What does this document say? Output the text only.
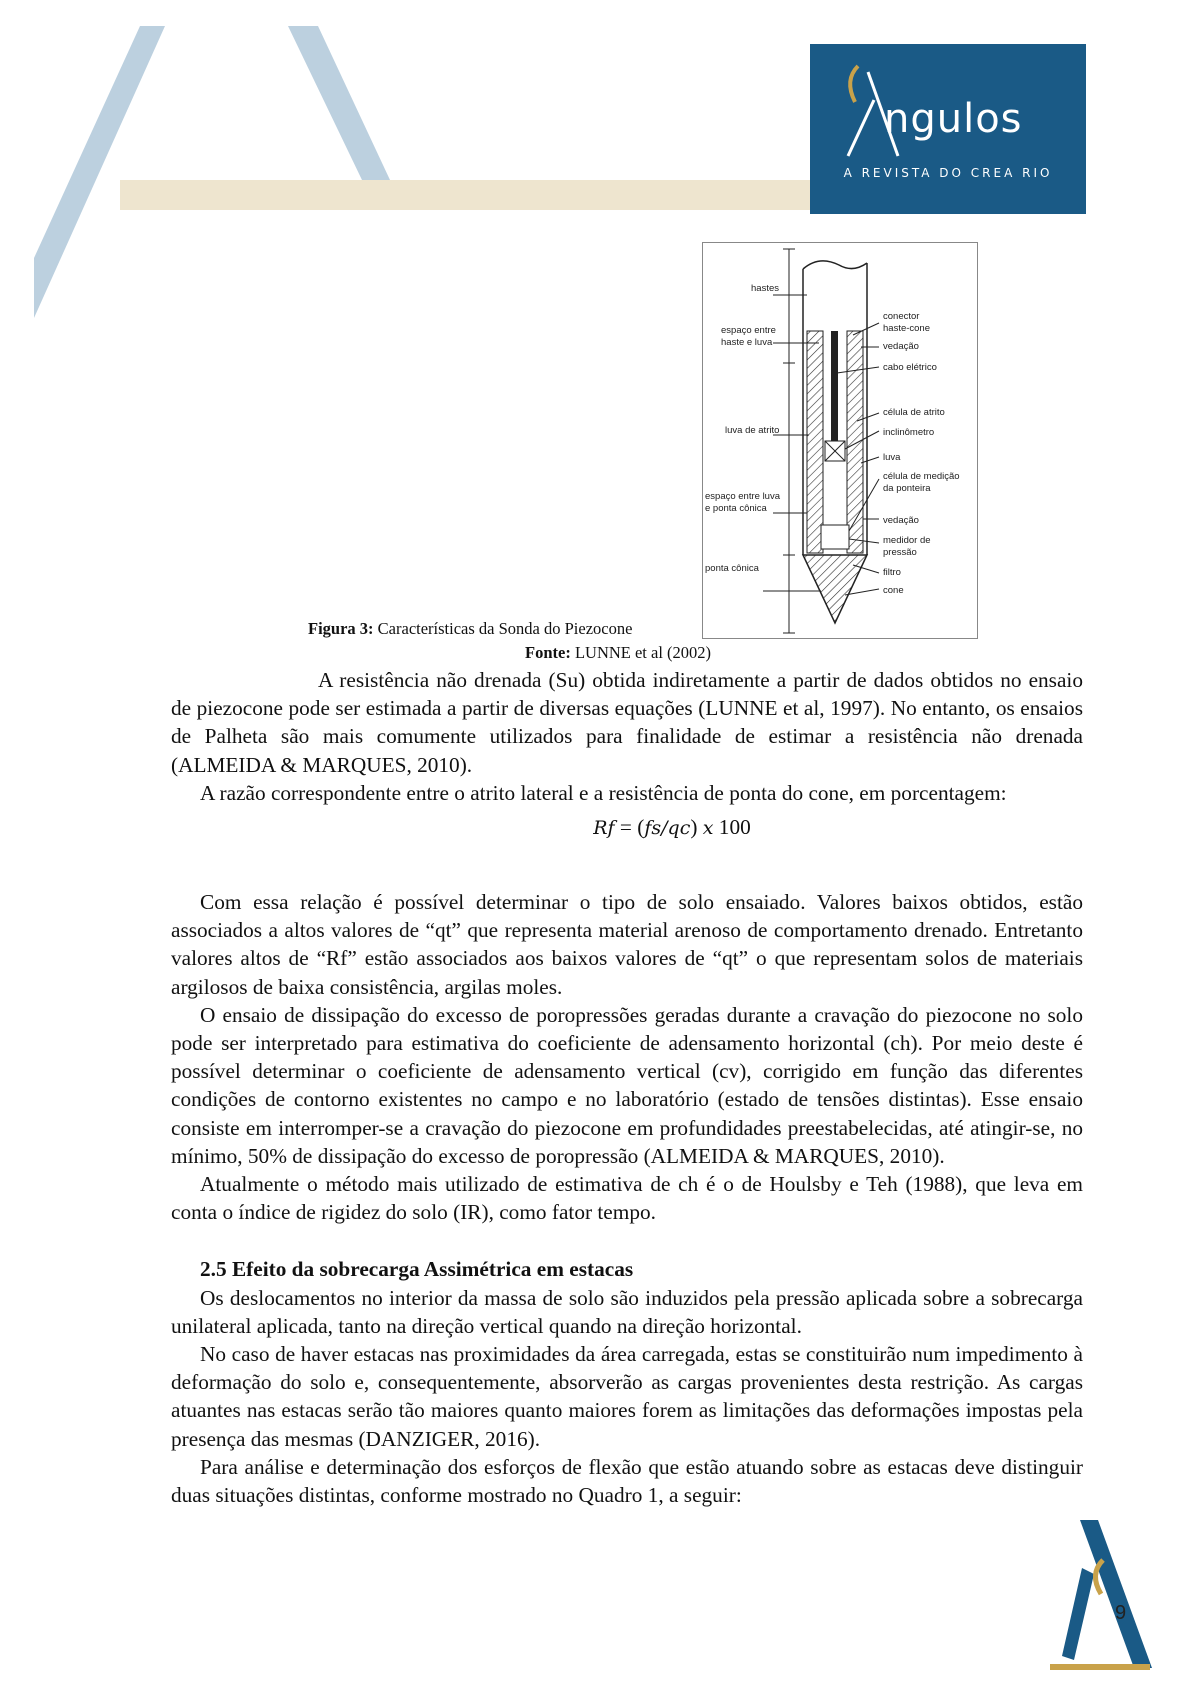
ngulos
A REVISTA DO CREA RIO
hastes
espaço entre
haste e luva
luva de atrito
espaço entre luva
e ponta cônica
ponta cônica
conector
haste-cone
vedação
cabo elétrico
célula de atrito
inclinômetro
luva
célula de medição
da ponteira
vedação
medidor de
pressão
filtro
cone
Figura 3: Características da Sonda do Piezocone
Fonte: LUNNE et al (2002)

A resistência não drenada (Su) obtida indiretamente a partir de dados obtidos no ensaio de piezocone pode ser estimada a partir de diversas equações (LUNNE et al, 1997). No entanto, os ensaios de Palheta são mais comumente utilizados para finalidade de estimar a resistência não drenada (ALMEIDA & MARQUES, 2010).

A razão correspondente entre o atrito lateral e a resistência de ponta do cone, em porcentagem:

Rf = (fs/qc) x 100

Com essa relação é possível determinar o tipo de solo ensaiado. Valores baixos obtidos, estão associados a altos valores de “qt” que representa material arenoso de comportamento drenado. Entretanto valores altos de “Rf” estão associados aos baixos valores de “qt” o que representam solos de materiais argilosos de baixa consistência, argilas moles.

O ensaio de dissipação do excesso de poropressões geradas durante a cravação do piezocone no solo pode ser interpretado para estimativa do coeficiente de adensamento horizontal (ch). Por meio deste é possível determinar o coeficiente de adensamento vertical (cv), corrigido em função das diferentes condições de contorno existentes no campo e no laboratório (estado de tensões distintas). Esse ensaio consiste em interromper-se a cravação do piezocone em profundidades preestabelecidas, até atingir-se, no mínimo, 50% de dissipação do excesso de poropressão (ALMEIDA & MARQUES, 2010).

Atualmente o método mais utilizado de estimativa de ch é o de Houlsby e Teh (1988), que leva em conta o índice de rigidez do solo (IR), como fator tempo.

2.5 Efeito da sobrecarga Assimétrica em estacas

Os deslocamentos no interior da massa de solo são induzidos pela pressão aplicada sobre a sobrecarga unilateral aplicada, tanto na direção vertical quando na direção horizontal.

No caso de haver estacas nas proximidades da área carregada, estas se constituirão num impedimento à deformação do solo e, consequentemente, absorverão as cargas provenientes desta restrição. As cargas atuantes nas estacas serão tão maiores quanto maiores forem as limitações das deformações impostas pela presença das mesmas (DANZIGER, 2016).

Para análise e determinação dos esforços de flexão que estão atuando sobre as estacas deve distinguir duas situações distintas, conforme mostrado no Quadro 1, a seguir:

9
